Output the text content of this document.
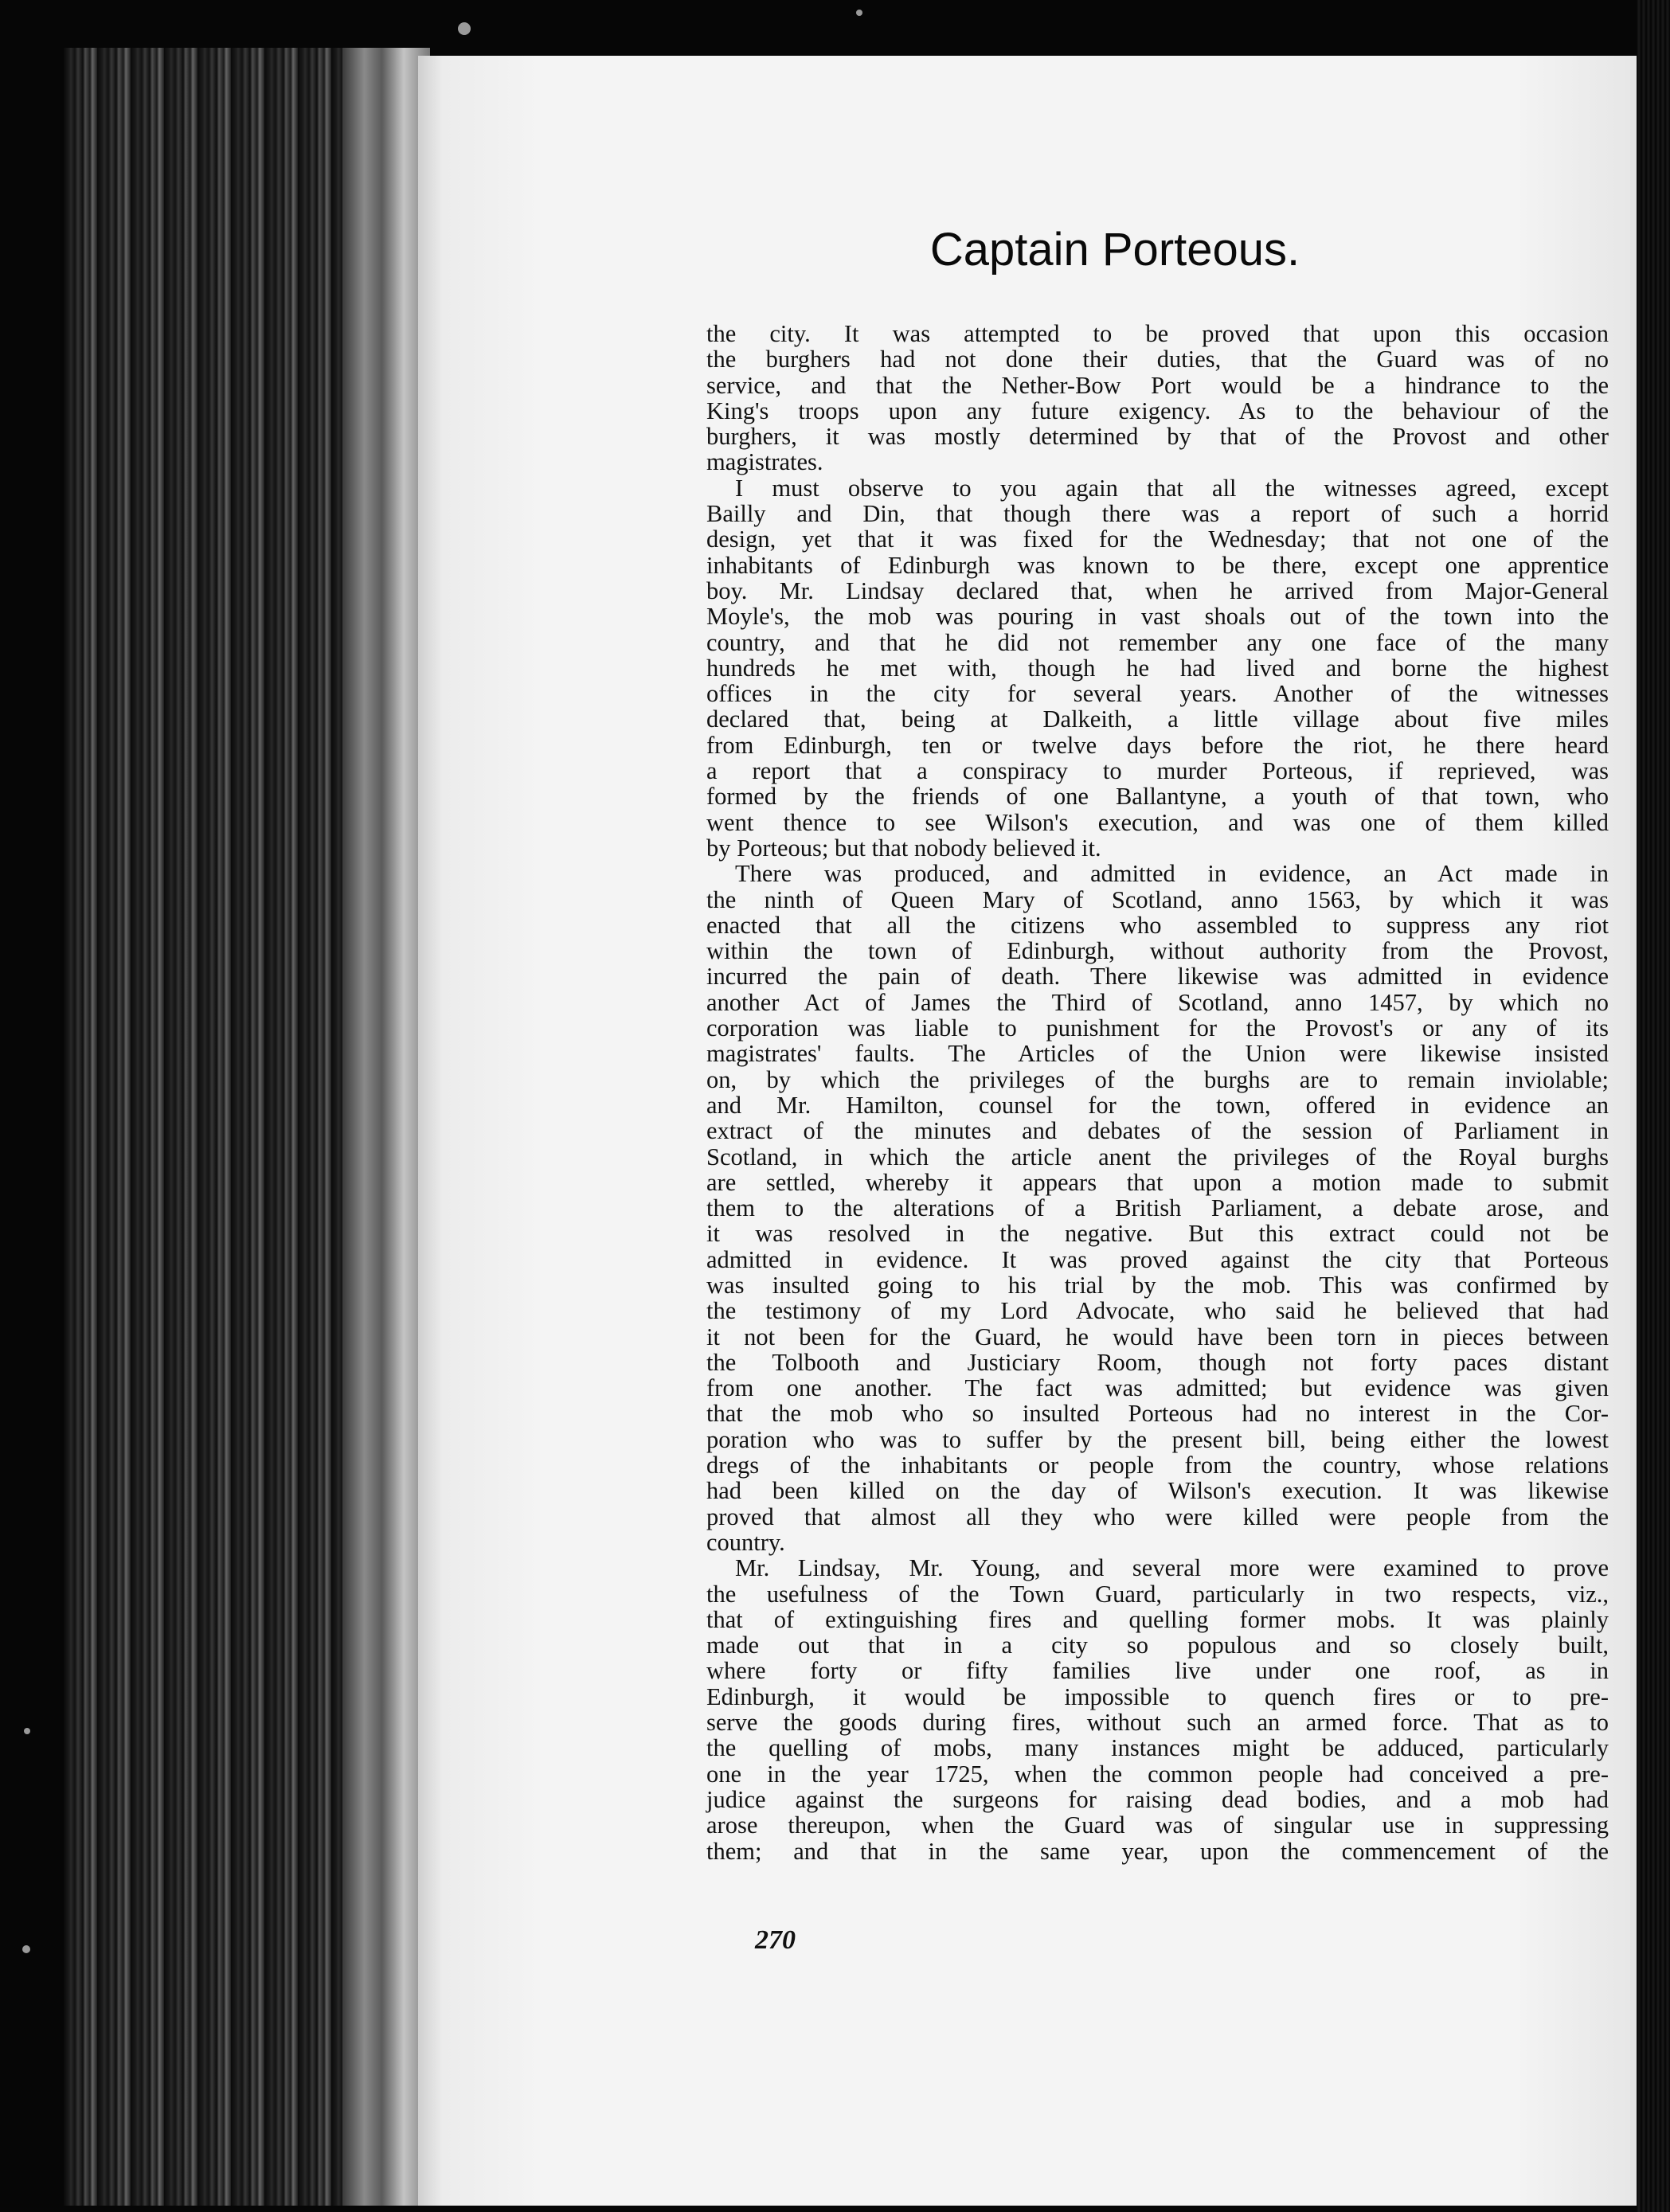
Captain Porteous.
the city. It was attempted to be proved that upon this occasion
the burghers had not done their duties, that the Guard was of no
service, and that the Nether-Bow Port would be a hindrance to the
King's troops upon any future exigency. As to the behaviour of the
burghers, it was mostly determined by that of the Provost and other
magistrates.
I must observe to you again that all the witnesses agreed, except
Bailly and Din, that though there was a report of such a horrid
design, yet that it was fixed for the Wednesday; that not one of the
inhabitants of Edinburgh was known to be there, except one apprentice
boy. Mr. Lindsay declared that, when he arrived from Major-General
Moyle's, the mob was pouring in vast shoals out of the town into the
country, and that he did not remember any one face of the many
hundreds he met with, though he had lived and borne the highest
offices in the city for several years. Another of the witnesses
declared that, being at Dalkeith, a little village about five miles
from Edinburgh, ten or twelve days before the riot, he there heard
a report that a conspiracy to murder Porteous, if reprieved, was
formed by the friends of one Ballantyne, a youth of that town, who
went thence to see Wilson's execution, and was one of them killed
by Porteous; but that nobody believed it.
There was produced, and admitted in evidence, an Act made in
the ninth of Queen Mary of Scotland, anno 1563, by which it was
enacted that all the citizens who assembled to suppress any riot
within the town of Edinburgh, without authority from the Provost,
incurred the pain of death. There likewise was admitted in evidence
another Act of James the Third of Scotland, anno 1457, by which no
corporation was liable to punishment for the Provost's or any of its
magistrates' faults. The Articles of the Union were likewise insisted
on, by which the privileges of the burghs are to remain inviolable;
and Mr. Hamilton, counsel for the town, offered in evidence an
extract of the minutes and debates of the session of Parliament in
Scotland, in which the article anent the privileges of the Royal burghs
are settled, whereby it appears that upon a motion made to submit
them to the alterations of a British Parliament, a debate arose, and
it was resolved in the negative. But this extract could not be
admitted in evidence. It was proved against the city that Porteous
was insulted going to his trial by the mob. This was confirmed by
the testimony of my Lord Advocate, who said he believed that had
it not been for the Guard, he would have been torn in pieces between
the Tolbooth and Justiciary Room, though not forty paces distant
from one another. The fact was admitted; but evidence was given
that the mob who so insulted Porteous had no interest in the Cor-
poration who was to suffer by the present bill, being either the lowest
dregs of the inhabitants or people from the country, whose relations
had been killed on the day of Wilson's execution. It was likewise
proved that almost all they who were killed were people from the
country.
Mr. Lindsay, Mr. Young, and several more were examined to prove
the usefulness of the Town Guard, particularly in two respects, viz.,
that of extinguishing fires and quelling former mobs. It was plainly
made out that in a city so populous and so closely built,
where forty or fifty families live under one roof, as in
Edinburgh, it would be impossible to quench fires or to pre-
serve the goods during fires, without such an armed force. That as to
the quelling of mobs, many instances might be adduced, particularly
one in the year 1725, when the common people had conceived a pre-
judice against the surgeons for raising dead bodies, and a mob had
arose thereupon, when the Guard was of singular use in suppressing
them; and that in the same year, upon the commencement of the
270
